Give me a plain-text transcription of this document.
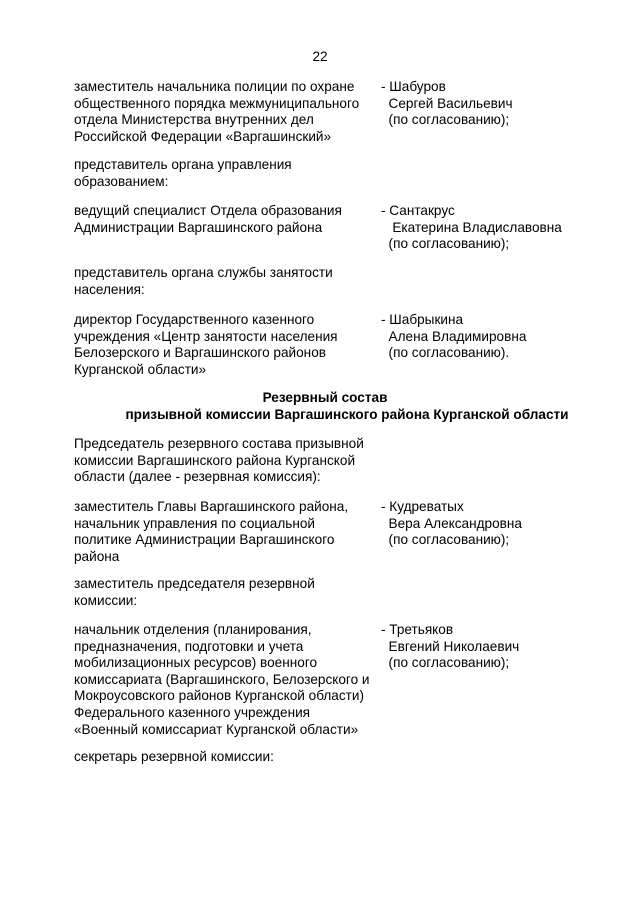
22
заместитель начальника полиции по охране
общественного порядка межмуниципального
отдела Министерства внутренних дел
Российской Федерации «Варгашинский»
- Шабуров
Сергей Васильевич
(по согласованию);
представитель органа управления
образованием:
ведущий специалист Отдела образования
Администрации Варгашинского района
- Сантакрус
Екатерина Владиславовна
(по согласованию);
представитель органа службы занятости
населения:
директор Государственного казенного
учреждения «Центр занятости населения
Белозерского и Варгашинского районов
Курганской области»
- Шабрыкина
Алена Владимировна
(по согласованию).
Резервный состав
призывной комиссии Варгашинского района Курганской области
Председатель резервного состава призывной
комиссии Варгашинского района Курганской
области (далее - резервная комиссия):
заместитель Главы Варгашинского района,
начальник управления по социальной
политике Администрации Варгашинского
района
- Кудреватых
Вера Александровна
(по согласованию);
заместитель председателя резервной
комиссии:
начальник отделения (планирования,
предназначения, подготовки и учета
мобилизационных ресурсов) военного
комиссариата (Варгашинского, Белозерского и
Мокроусовского районов Курганской области)
Федерального казенного учреждения
«Военный комиссариат Курганской области»
- Третьяков
Евгений Николаевич
(по согласованию);
секретарь резервной комиссии:
